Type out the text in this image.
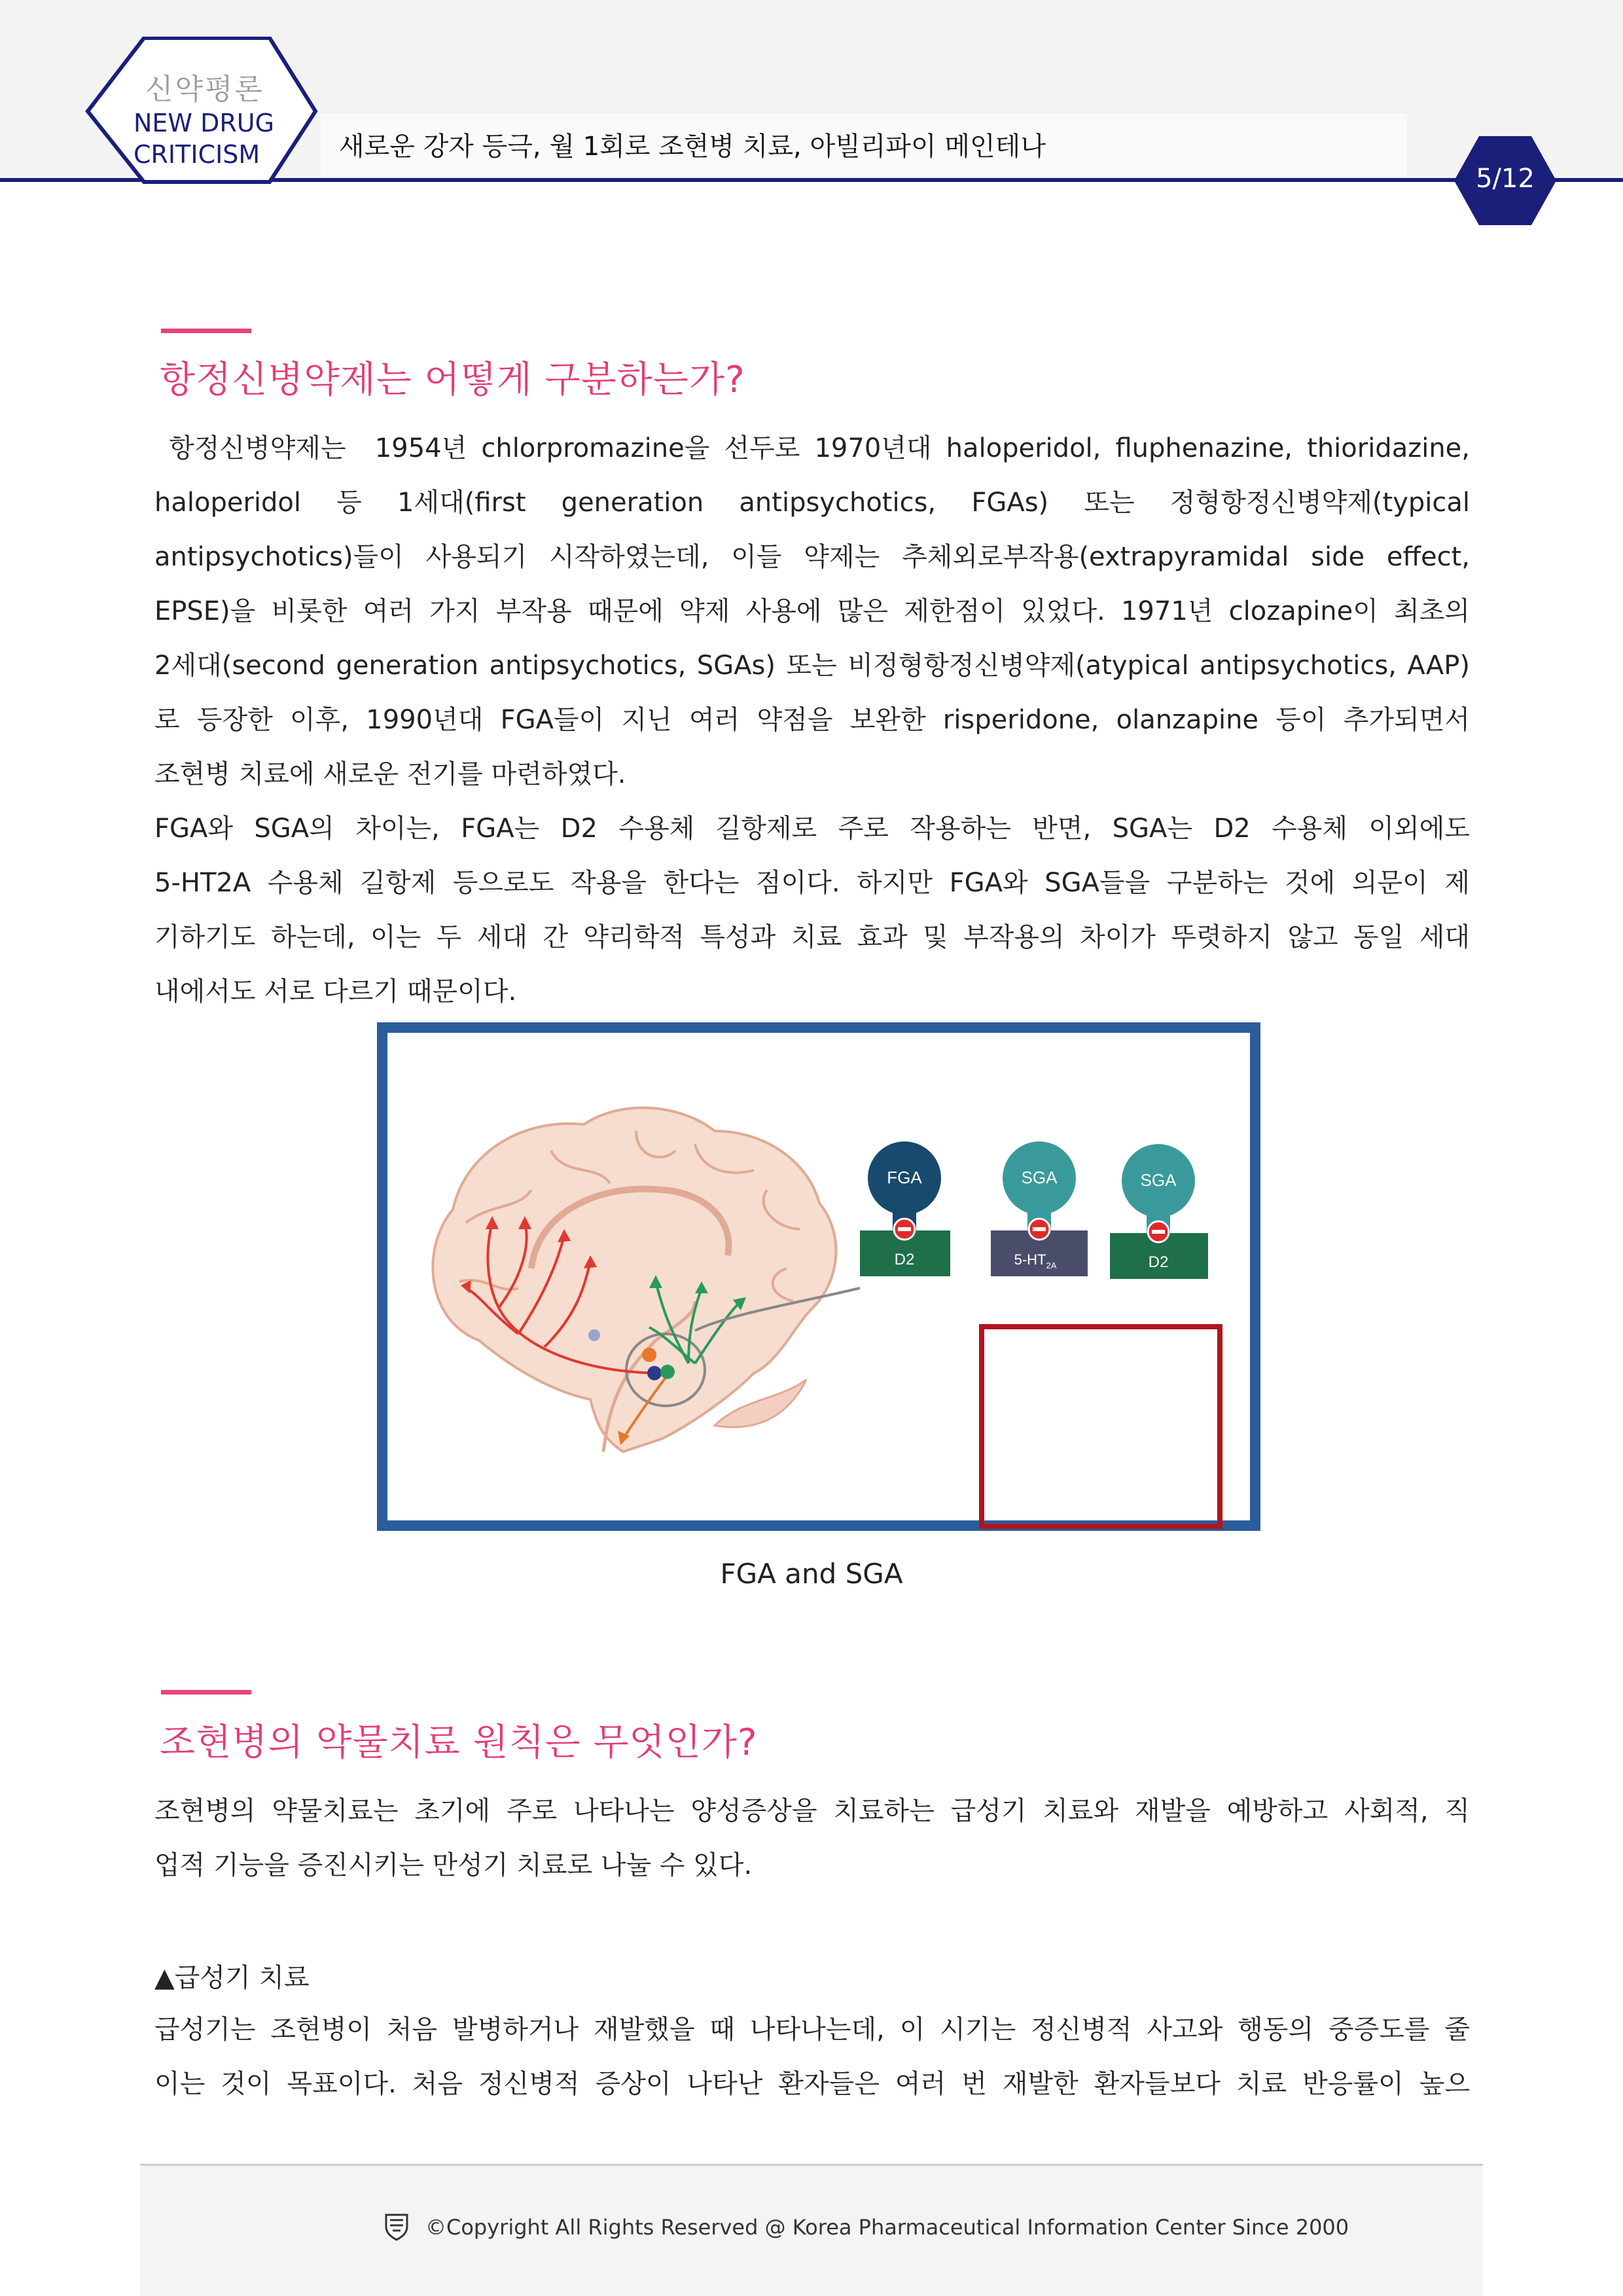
신약평론
NEW DRUG
CRITICISM	새로운 강자 등극, 월 1회로 조현병 치료, 아빌리파이 메인테나
5/12
항정신병약제는 어떻게 구분하는가?
항정신병약제는  1954년 chlorpromazine을 선두로 1970년대 haloperidol, fluphenazine, thioridazine,
haloperidol 등 1세대(first generation antipsychotics, FGAs) 또는 정형항정신병약제(typical
antipsychotics)들이 사용되기 시작하였는데, 이들 약제는 추체외로부작용(extrapyramidal side effect,
EPSE)을 비롯한 여러 가지 부작용 때문에 약제 사용에 많은 제한점이 있었다. 1971년 clozapine이 최초의
2세대(second generation antipsychotics, SGAs) 또는 비정형항정신병약제(atypical antipsychotics, AAP)
로 등장한 이후, 1990년대 FGA들이 지닌 여러 약점을 보완한 risperidone, olanzapine 등이 추가되면서
조현병 치료에 새로운 전기를 마련하였다.
FGA와 SGA의 차이는, FGA는 D2 수용체 길항제로 주로 작용하는 반면, SGA는 D2 수용체 이외에도
5-HT2A 수용체 길항제 등으로도 작용을 한다는 점이다. 하지만 FGA와 SGA들을 구분하는 것에 의문이 제
기하기도 하는데, 이는 두 세대 간 약리학적 특성과 치료 효과 및 부작용의 차이가 뚜렷하지 않고 동일 세대
내에서도 서로 다르기 때문이다.
FGA
D2
SGA
$5-HT_{2A}$
SGA
D2
FGA and SGA
조현병의 약물치료 원칙은 무엇인가?
조현병의 약물치료는 초기에 주로 나타나는 양성증상을 치료하는 급성기 치료와 재발을 예방하고 사회적, 직
업적 기능을 증진시키는 만성기 치료로 나눌 수 있다.
▲급성기 치료
급성기는 조현병이 처음 발병하거나 재발했을 때 나타나는데, 이 시기는 정신병적 사고와 행동의 중증도를 줄
이는 것이 목표이다. 처음 정신병적 증상이 나타난 환자들은 여러 번 재발한 환자들보다 치료 반응률이 높으
©Copyright All Rights Reserved @ Korea Pharmaceutical Information Center Since 2000
